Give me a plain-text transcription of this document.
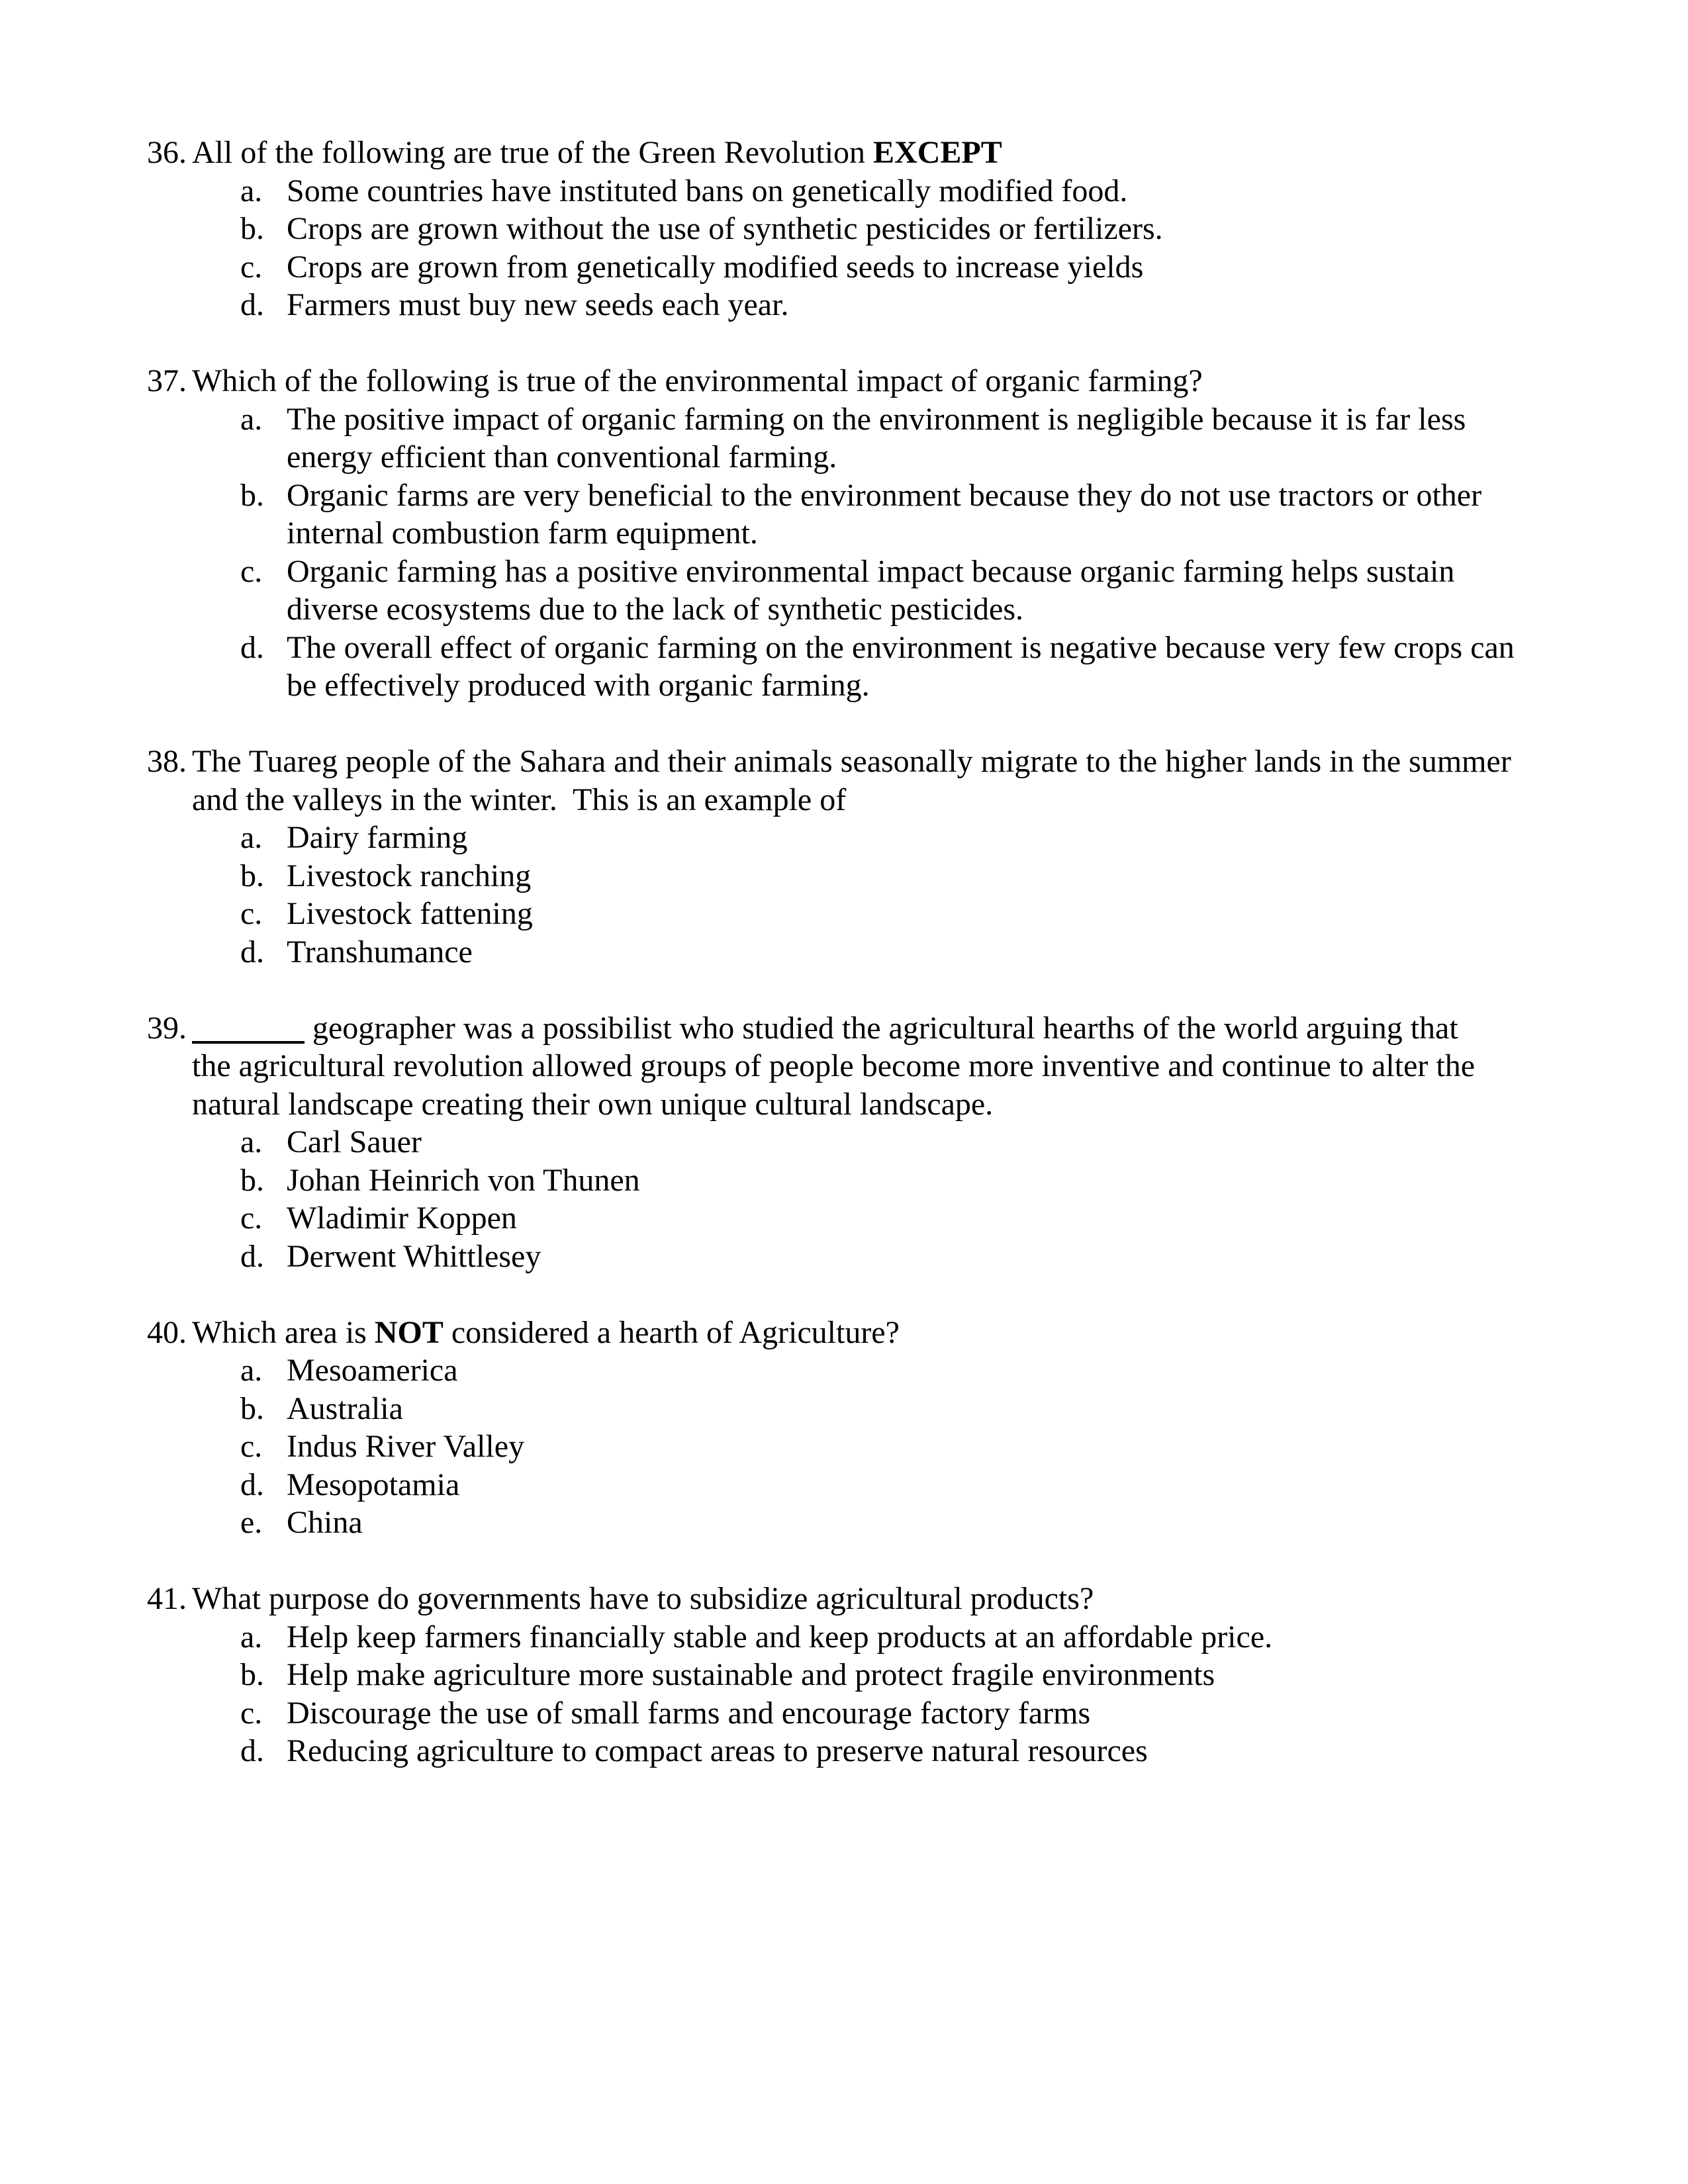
36. All of the following are true of the Green Revolution EXCEPT
a. Some countries have instituted bans on genetically modified food.
b. Crops are grown without the use of synthetic pesticides or fertilizers.
c. Crops are grown from genetically modified seeds to increase yields
d. Farmers must buy new seeds each year.
37. Which of the following is true of the environmental impact of organic farming?
a. The positive impact of organic farming on the environment is negligible because it is far less
energy efficient than conventional farming.
b. Organic farms are very beneficial to the environment because they do not use tractors or other
internal combustion farm equipment.
c. Organic farming has a positive environmental impact because organic farming helps sustain
diverse ecosystems due to the lack of synthetic pesticides.
d. The overall effect of organic farming on the environment is negative because very few crops can
be effectively produced with organic farming.
38. The Tuareg people of the Sahara and their animals seasonally migrate to the higher lands in the summer
and the valleys in the winter.  This is an example of
a. Dairy farming
b. Livestock ranching
c. Livestock fattening
d. Transhumance
39.	geographer was a possibilist who studied the agricultural hearths of the world arguing that
the agricultural revolution allowed groups of people become more inventive and continue to alter the
natural landscape creating their own unique cultural landscape.
a. Carl Sauer
b. Johan Heinrich von Thunen
c. Wladimir Koppen
d. Derwent Whittlesey
40. Which area is NOT considered a hearth of Agriculture?
a. Mesoamerica
b. Australia
c. Indus River Valley
d. Mesopotamia
e. China
41. What purpose do governments have to subsidize agricultural products?
a. Help keep farmers financially stable and keep products at an affordable price.
b. Help make agriculture more sustainable and protect fragile environments
c. Discourage the use of small farms and encourage factory farms
d. Reducing agriculture to compact areas to preserve natural resources
